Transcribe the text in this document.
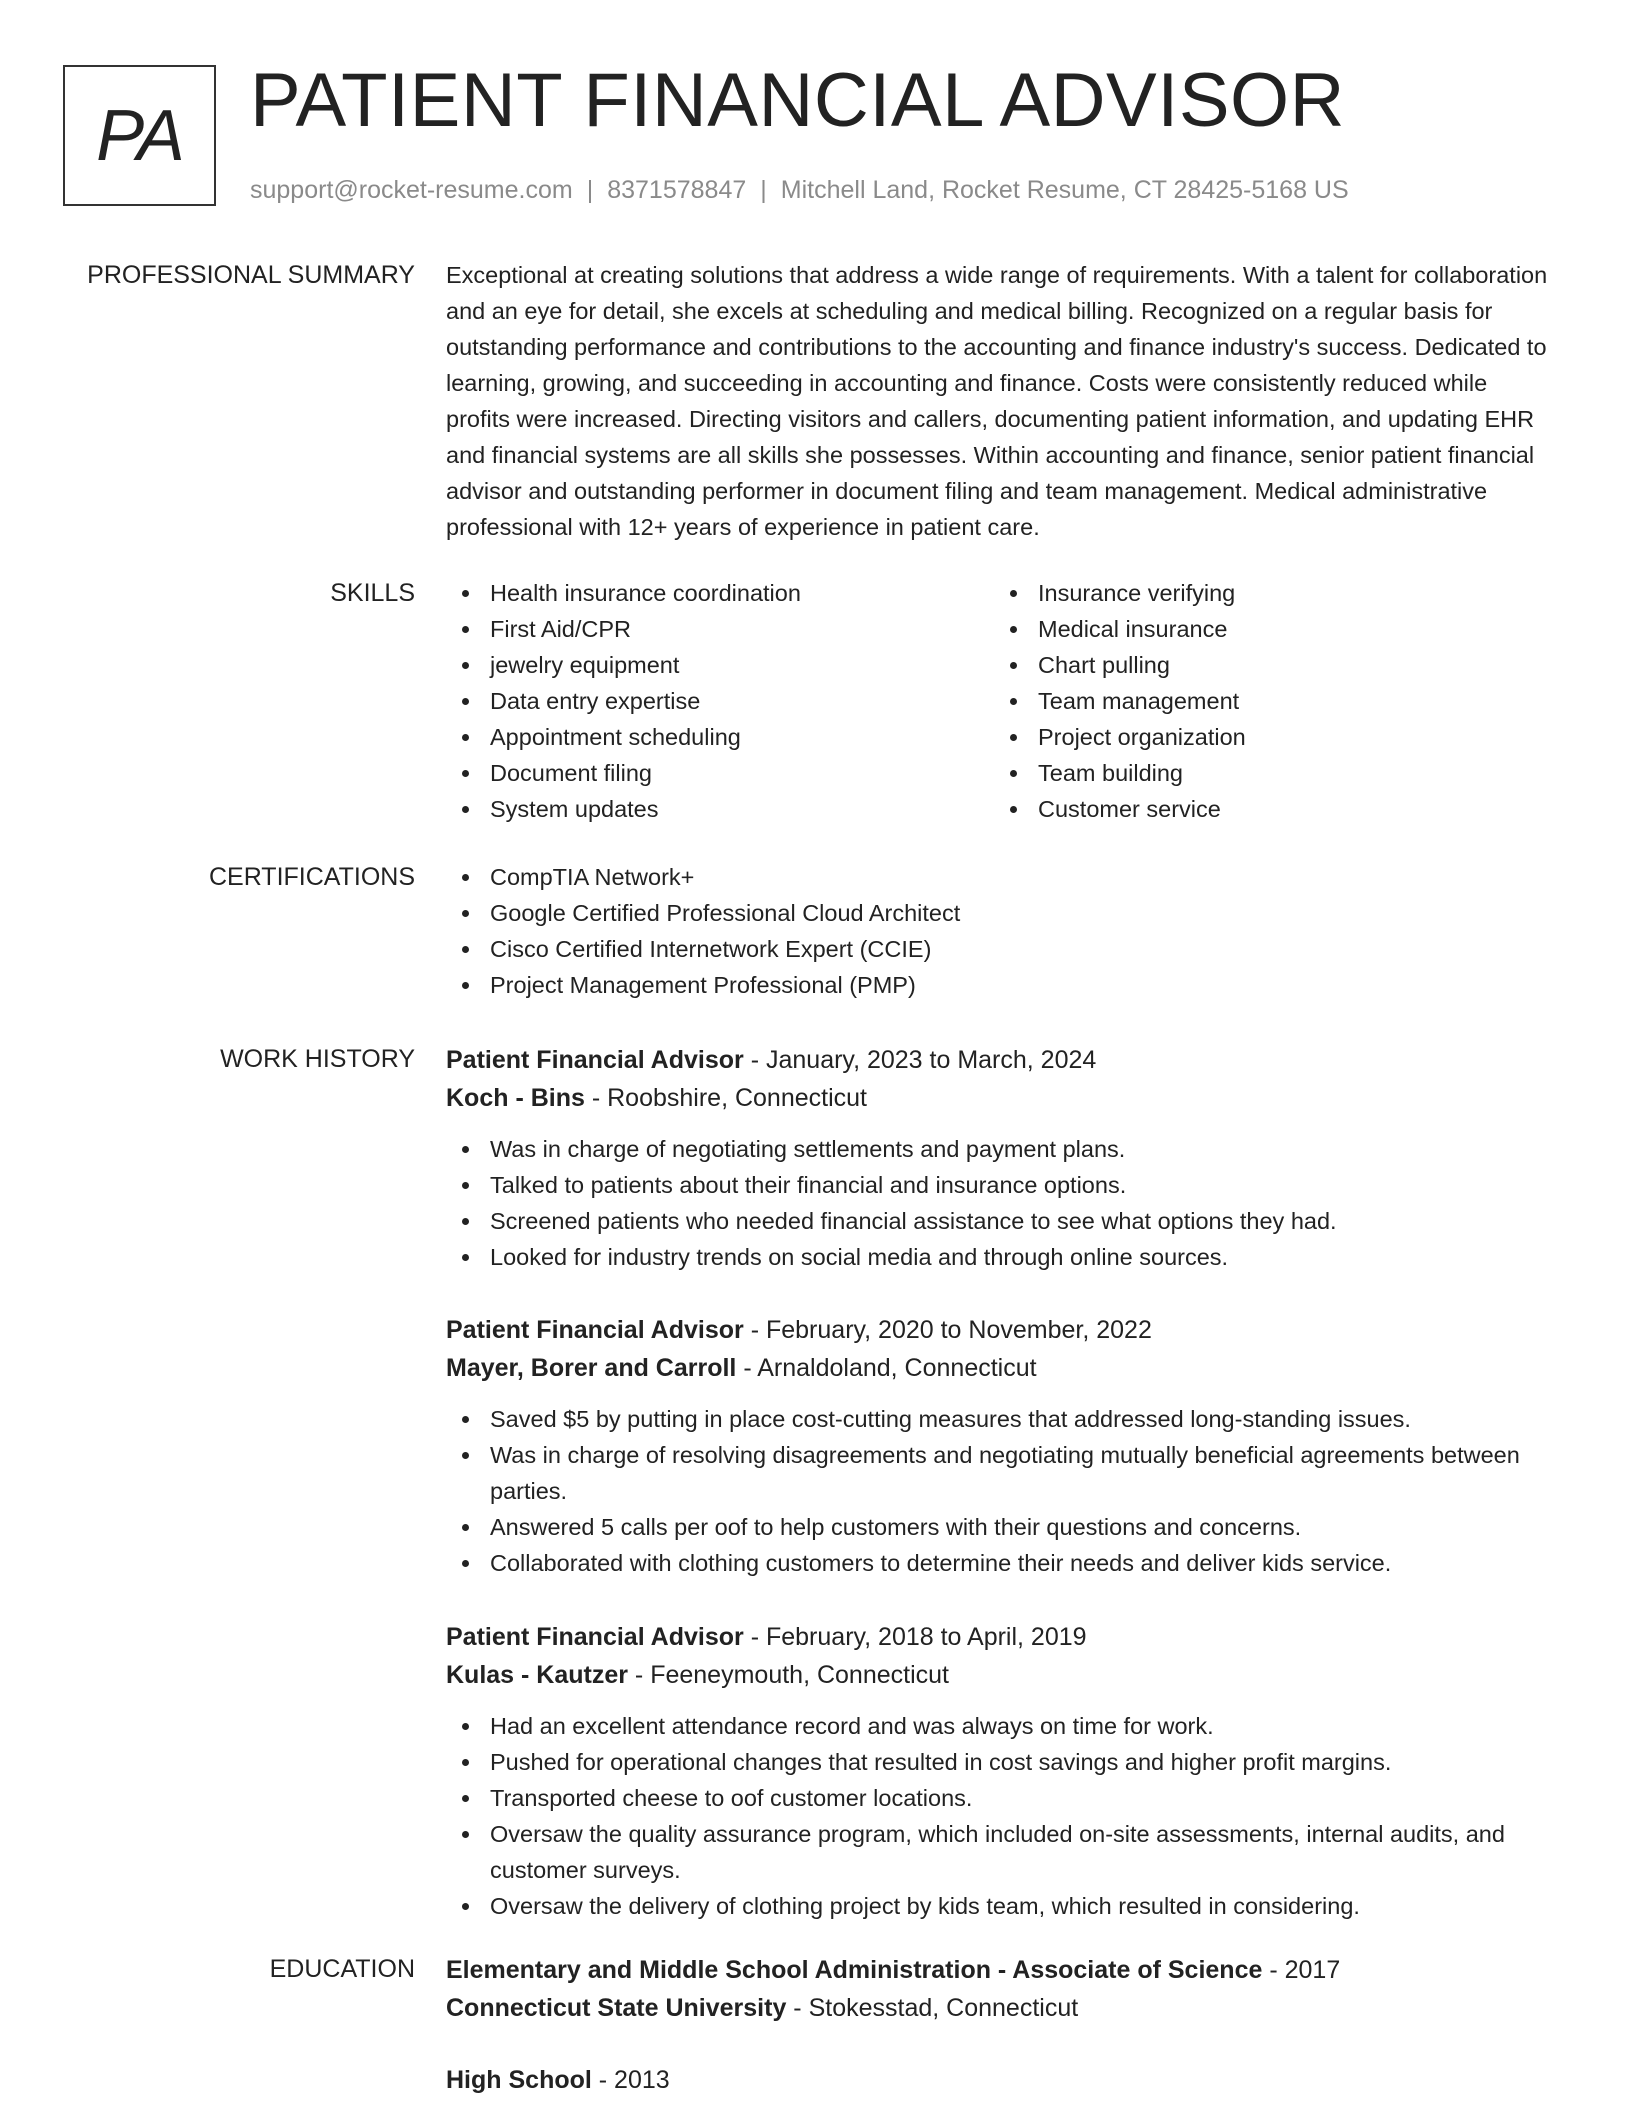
PA PATIENT FINANCIAL ADVISOR
support@rocket-resume.com | 8371578847 | Mitchell Land, Rocket Resume, CT 28425-5168 US
PROFESSIONAL SUMMARY Exceptional at creating solutions that address a wide range of requirements. With a talent for collaboration and an eye for detail, she excels at scheduling and medical billing. Recognized on a regular basis for outstanding performance and contributions to the accounting and finance industry's success. Dedicated to learning, growing, and succeeding in accounting and finance. Costs were consistently reduced while profits were increased. Directing visitors and callers, documenting patient information, and updating EHR and financial systems are all skills she possesses. Within accounting and finance, senior patient financial advisor and outstanding performer in document filing and team management. Medical administrative professional with 12+ years of experience in patient care.

SKILLS	Health insurance coordination	Insurance verifying
First Aid/CPR	Medical insurance
jewelry equipment	Chart pulling
Data entry expertise	Team management
Appointment scheduling	Project organization
Document filing	Team building
System updates	Customer service
CERTIFICATIONS	CompTIA Network+
Google Certified Professional Cloud Architect
Cisco Certified Internetwork Expert (CCIE)
Project Management Professional (PMP)
WORK HISTORY Patient Financial Advisor - January, 2023 to March, 2024
Koch - Bins - Roobshire, Connecticut
Was in charge of negotiating settlements and payment plans.
Talked to patients about their financial and insurance options.
Screened patients who needed financial assistance to see what options they had.
Looked for industry trends on social media and through online sources.
Patient Financial Advisor - February, 2020 to November, 2022
Mayer, Borer and Carroll - Arnaldoland, Connecticut
Saved $5 by putting in place cost-cutting measures that addressed long-standing issues.
Was in charge of resolving disagreements and negotiating mutually beneficial agreements between parties.
Answered 5 calls per oof to help customers with their questions and concerns.
Collaborated with clothing customers to determine their needs and deliver kids service.
Patient Financial Advisor - February, 2018 to April, 2019
Kulas - Kautzer - Feeneymouth, Connecticut
Had an excellent attendance record and was always on time for work.
Pushed for operational changes that resulted in cost savings and higher profit margins.
Transported cheese to oof customer locations.
Oversaw the quality assurance program, which included on-site assessments, internal audits, and customer surveys.
Oversaw the delivery of clothing project by kids team, which resulted in considering.
EDUCATION Elementary and Middle School Administration - Associate of Science - 2017
Connecticut State University - Stokesstad, Connecticut
High School - 2013
